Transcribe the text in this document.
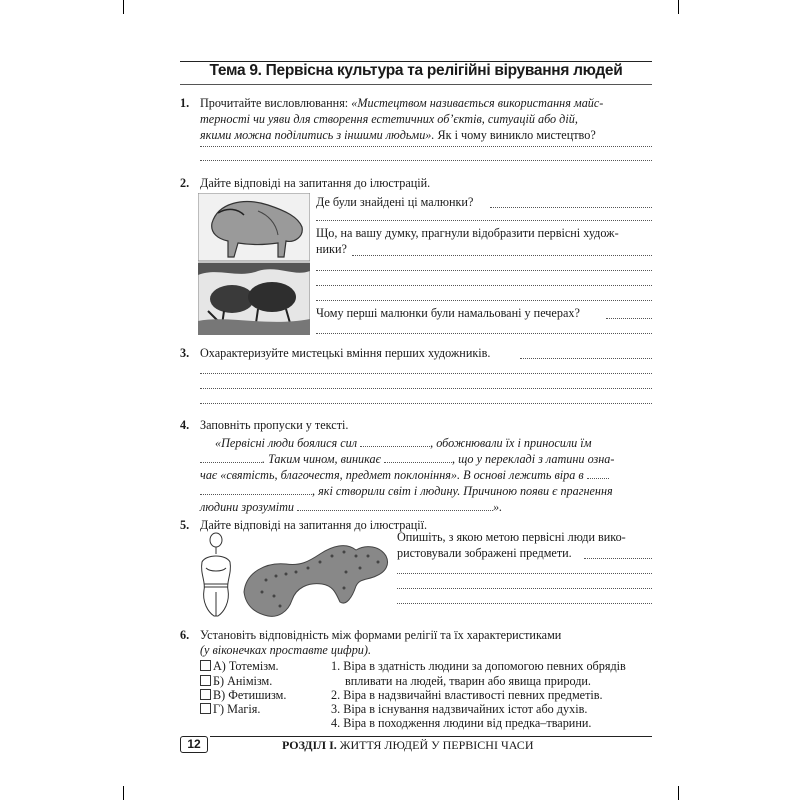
Тема 9. Первісна культура та релігійні вірування людей
1. Прочитайте висловлювання: «Мистецтвом називається використання майс-
терності чи уяви для створення естетичних об’єктів, ситуацій або дій,
якими можна поділитись з іншими людьми». Як і чому виникло мистецтво?
2. Дайте відповіді на запитання до ілюстрацій.
Де були знайдені ці малюнки?
Що, на вашу думку, прагнули відобразити первісні худож-
ники?
Чому перші малюнки були намальовані у печерах?
3. Охарактеризуйте мистецькі вміння перших художників.
4. Заповніть пропуски у тексті.
«Первісні люди боялися сил	, обожнювали їх і приносили їм
. Таким чином, виникає	, що у перекладі з латини озна-
чає «святість, благочестя, предмет поклоніння». В основі лежить віра в
, які створили світ і людину. Причиною появи є прагнення
людини зрозуміти	».
5. Дайте відповіді на запитання до ілюстрації.
Опишіть, з якою метою первісні люди вико-
ристовували зображені предмети.
6. Установіть відповідність між формами релігії та їх характеристиками
(у віконечках проставте цифри).
А) Тотемізм.
Б) Анімізм.
В) Фетишизм.
Г) Магія.
1. Віра в здатність людини за допомогою певних обрядів
впливати на людей, тварин або явища природи.
2. Віра в надзвичайні властивості певних предметів.
3. Віра в існування надзвичайних істот або духів.
4. Віра в походження людини від предка–тварини.
12	РОЗДІЛ І. ЖИТТЯ ЛЮДЕЙ У ПЕРВІСНІ ЧАСИ
